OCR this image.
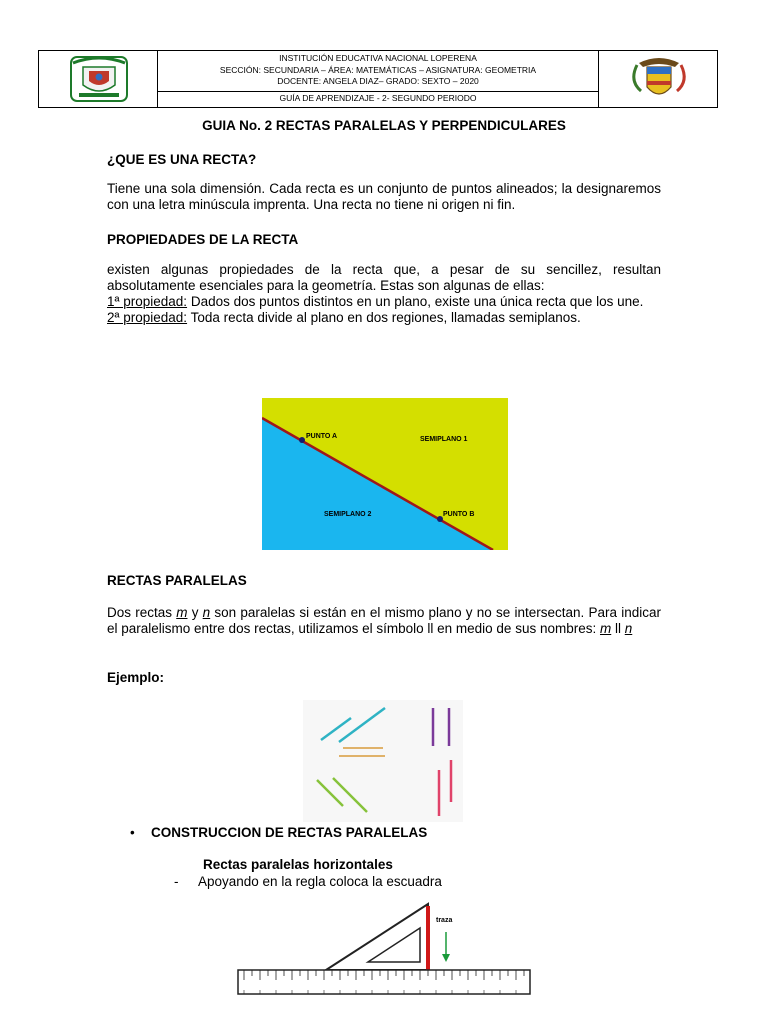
INSTITUCIÓN EDUCATIVA NACIONAL LOPERENA
SECCIÓN: SECUNDARIA – ÁREA: MATEMÁTICAS – ASIGNATURA: GEOMETRIA
DOCENTE: ANGELA DIAZ– GRADO: SEXTO – 2020
GUÍA DE APRENDIZAJE - 2- SEGUNDO PERIODO
GUIA No. 2 RECTAS PARALELAS Y PERPENDICULARES
¿QUE ES UNA RECTA?
Tiene una sola dimensión. Cada recta es un conjunto de puntos alineados; la designaremos con una letra minúscula imprenta. Una recta no tiene ni origen ni fin.
PROPIEDADES DE LA RECTA
existen algunas propiedades de la recta que, a pesar de su sencillez, resultan absolutamente esenciales para la geometría. Estas son algunas de ellas:
1ª propiedad: Dados dos puntos distintos en un plano, existe una única recta que los une.
2ª propiedad: Toda recta divide al plano en dos regiones, llamadas semiplanos.
PUNTO A
PUNTO B
SEMIPLANO 1
SEMIPLANO 2
RECTAS PARALELAS
Dos rectas m y n son paralelas si están en el mismo plano y no se intersectan. Para indicar el paralelismo entre dos rectas, utilizamos el símbolo ll en medio de sus nombres: m ll n
Ejemplo:
• CONSTRUCCION DE RECTAS PARALELAS
Rectas paralelas horizontales
- Apoyando en la regla coloca la escuadra
traza
